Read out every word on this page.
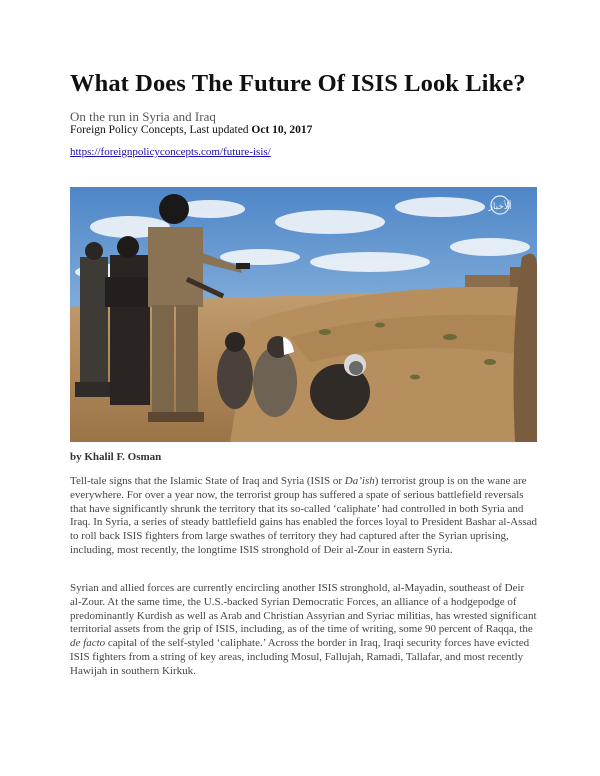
What Does The Future Of ISIS Look Like?
On the run in Syria and Iraq
Foreign Policy Concepts, Last updated Oct 10, 2017
https://foreignpolicyconcepts.com/future-isis/
ألأخبار
by Khalil F. Osman

Tell-tale signs that the Islamic State of Iraq and Syria (ISIS or Da’ish) terrorist group is on the wane are everywhere. For over a year now, the terrorist group has suffered a spate of serious battlefield reversals that have significantly shrunk the territory that its so-called ‘caliphate’ had controlled in both Syria and Iraq. In Syria, a series of steady battlefield gains has enabled the forces loyal to President Bashar al-Assad to roll back ISIS fighters from large swathes of territory they had captured after the Syrian uprising, including, most recently, the longtime ISIS stronghold of Deir al-Zour in eastern Syria.

Syrian and allied forces are currently encircling another ISIS stronghold, al-Mayadin, southeast of Deir al-Zour. At the same time, the U.S.-backed Syrian Democratic Forces, an alliance of a hodgepodge of predominantly Kurdish as well as Arab and Christian Assyrian and Syriac militias, has wrested significant territorial assets from the grip of ISIS, including, as of the time of writing, some 90 percent of Raqqa, the de facto capital of the self-styled ‘caliphate.’ Across the border in Iraq, Iraqi security forces have evicted ISIS fighters from a string of key areas, including Mosul, Fallujah, Ramadi, Tallafar, and most recently Hawijah in southern Kirkuk.
